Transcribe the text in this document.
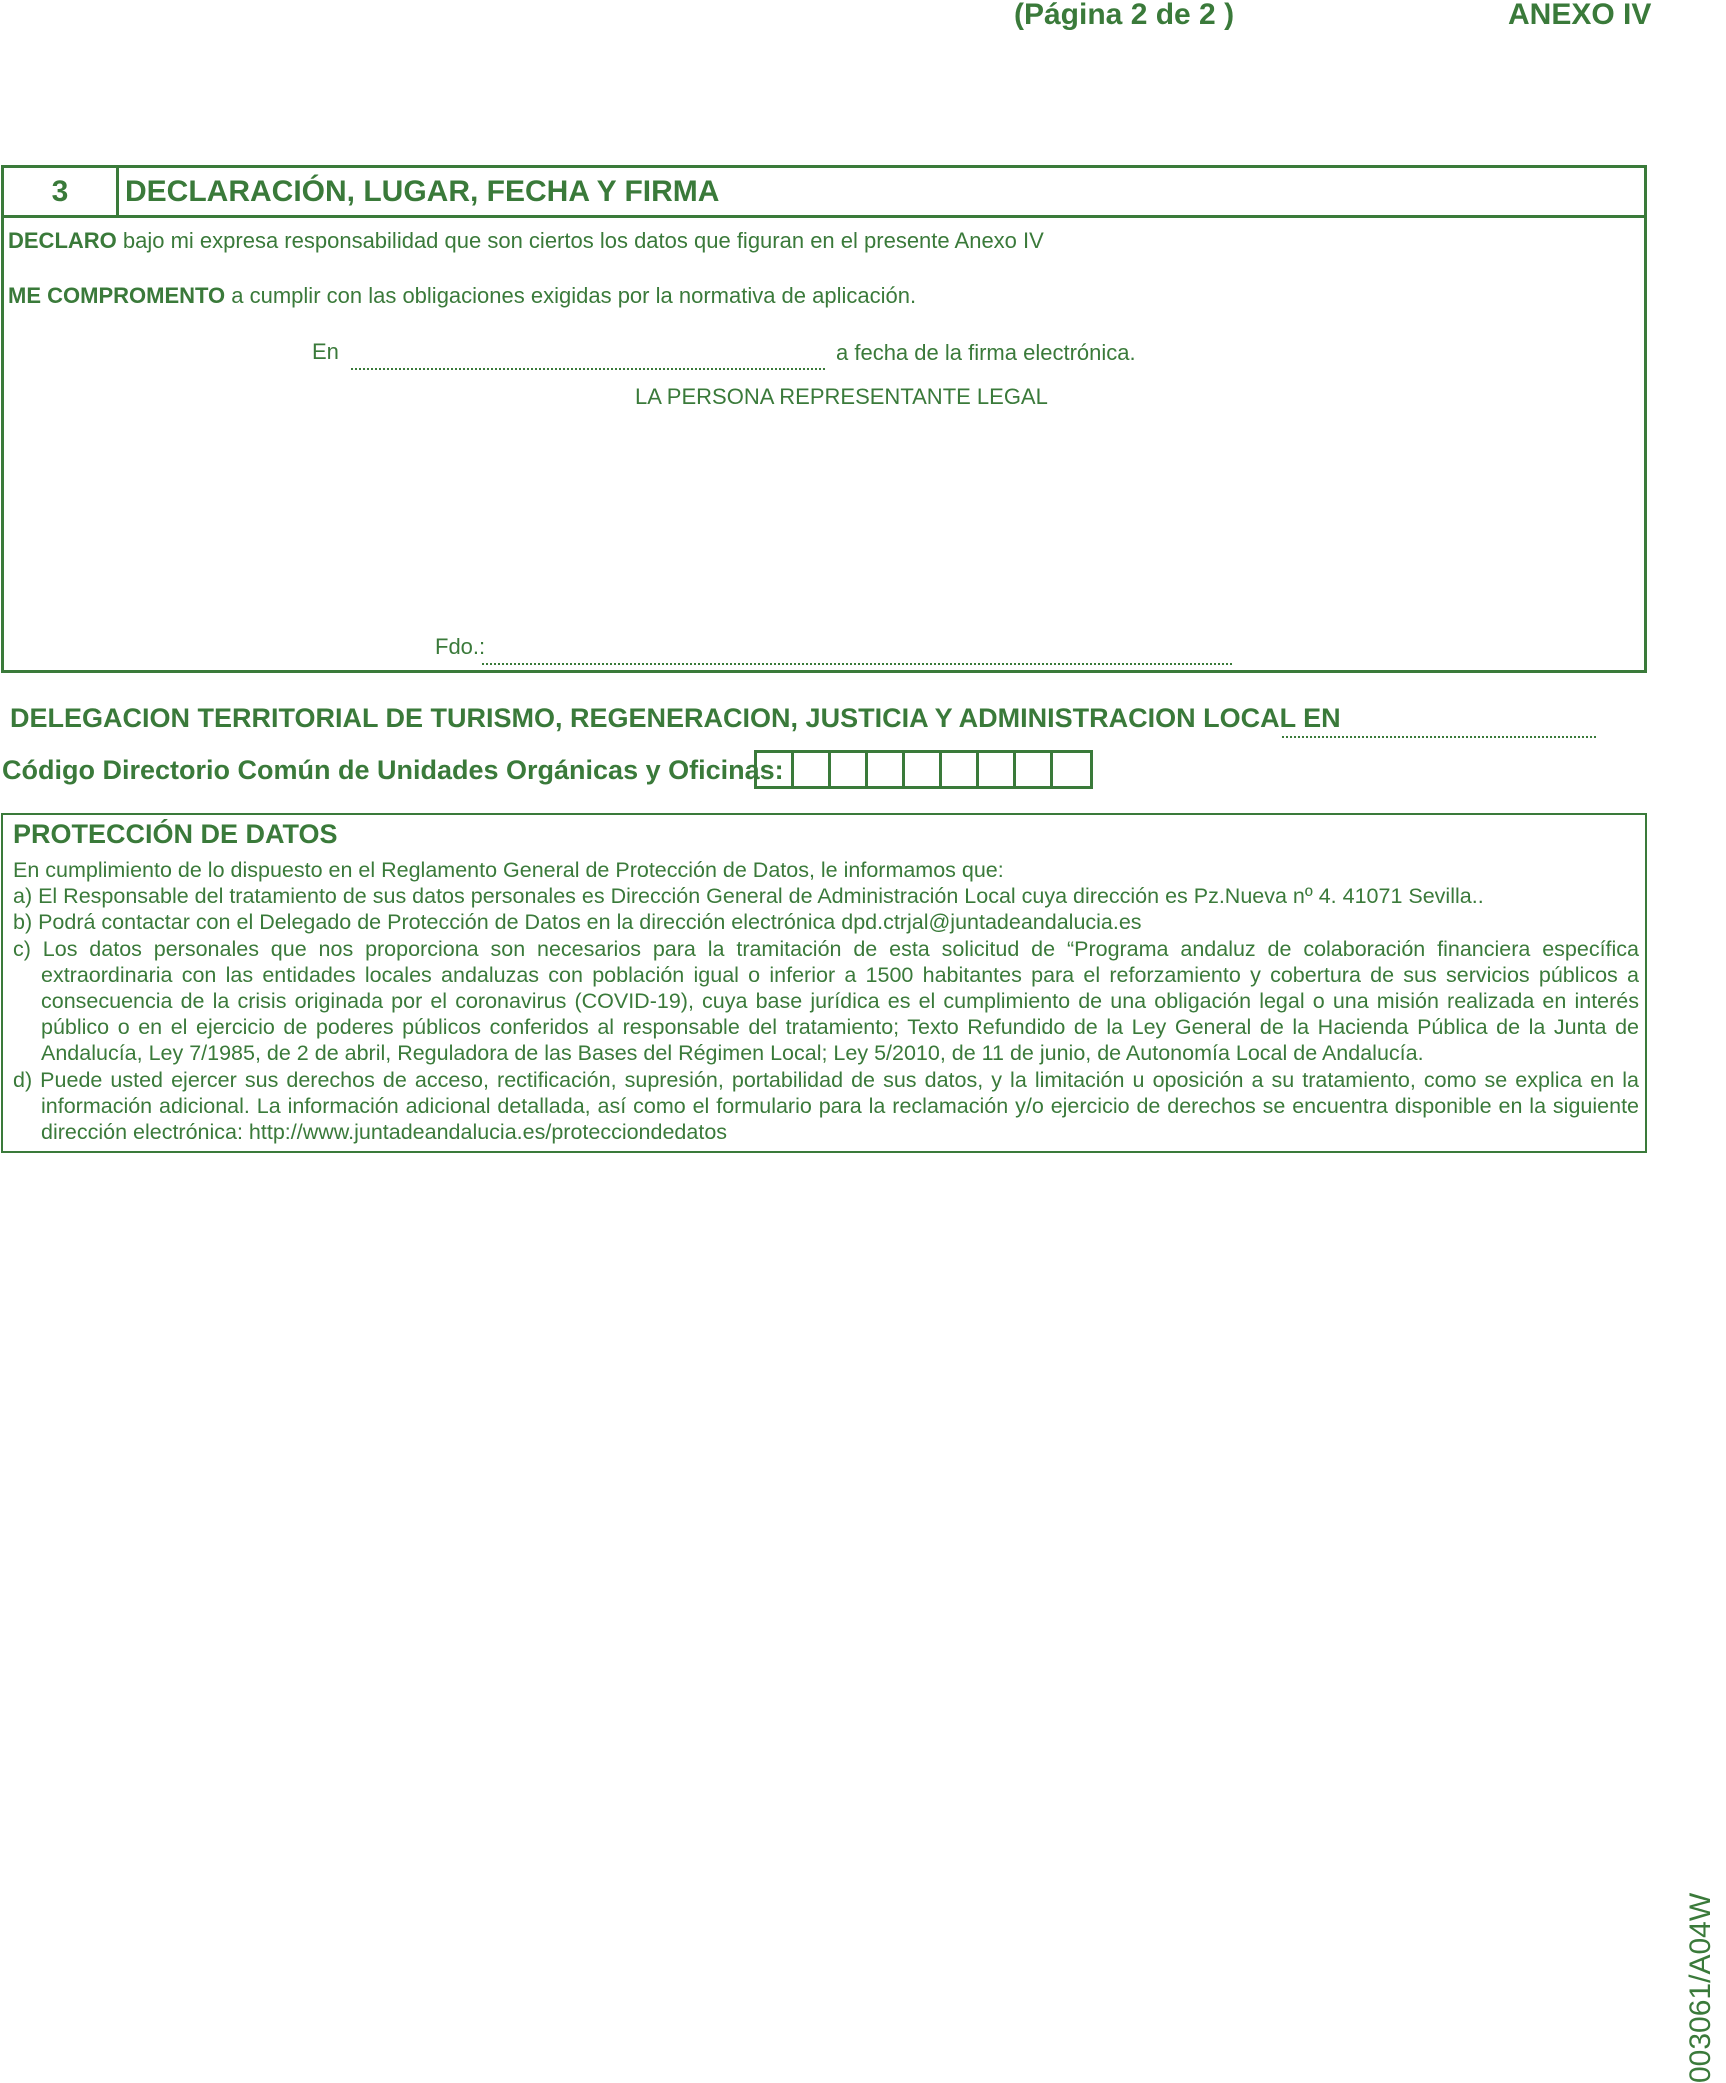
(Página 2 de 2 )	ANEXO IV
3	DECLARACIÓN, LUGAR, FECHA Y FIRMA
DECLARO bajo mi expresa responsabilidad que son ciertos los datos que figuran en el presente Anexo IV
ME COMPROMENTO a cumplir con las obligaciones exigidas por la normativa de aplicación.
En	a fecha de la firma electrónica.
LA PERSONA REPRESENTANTE LEGAL
Fdo.:
DELEGACION TERRITORIAL DE TURISMO, REGENERACION, JUSTICIA Y ADMINISTRACION LOCAL EN
Código Directorio Común de Unidades Orgánicas y Oficinas:
PROTECCIÓN DE DATOS

En cumplimiento de lo dispuesto en el Reglamento General de Protección de Datos, le informamos que:

a) El Responsable del tratamiento de sus datos personales es Dirección General de Administración Local cuya dirección es Pz.Nueva nº 4. 41071 Sevilla..

b) Podrá contactar con el Delegado de Protección de Datos en la dirección electrónica dpd.ctrjal@juntadeandalucia.es

c) Los datos personales que nos proporciona son necesarios para la tramitación de esta solicitud de “Programa andaluz de colaboración financiera específica extraordinaria con las entidades locales andaluzas con población igual o inferior a 1500 habitantes para el reforzamiento y cobertura de sus servicios públicos a consecuencia de la crisis originada por el coronavirus (COVID-19), cuya base jurídica es el cumplimiento de una obligación legal o una misión realizada en interés público o en el ejercicio de poderes públicos conferidos al responsable del tratamiento; Texto Refundido de la Ley General de la Hacienda Pública de la Junta de Andalucía, Ley 7/1985, de 2 de abril, Reguladora de las Bases del Régimen Local; Ley 5/2010, de 11 de junio, de Autonomía Local de Andalucía.

d) Puede usted ejercer sus derechos de acceso, rectificación, supresión, portabilidad de sus datos, y la limitación u oposición a su tratamiento, como se explica en la información adicional. La información adicional detallada, así como el formulario para la reclamación y/o ejercicio de derechos se encuentra disponible en la siguiente dirección electrónica: http://www.juntadeandalucia.es/protecciondedatos

003061/A04W
